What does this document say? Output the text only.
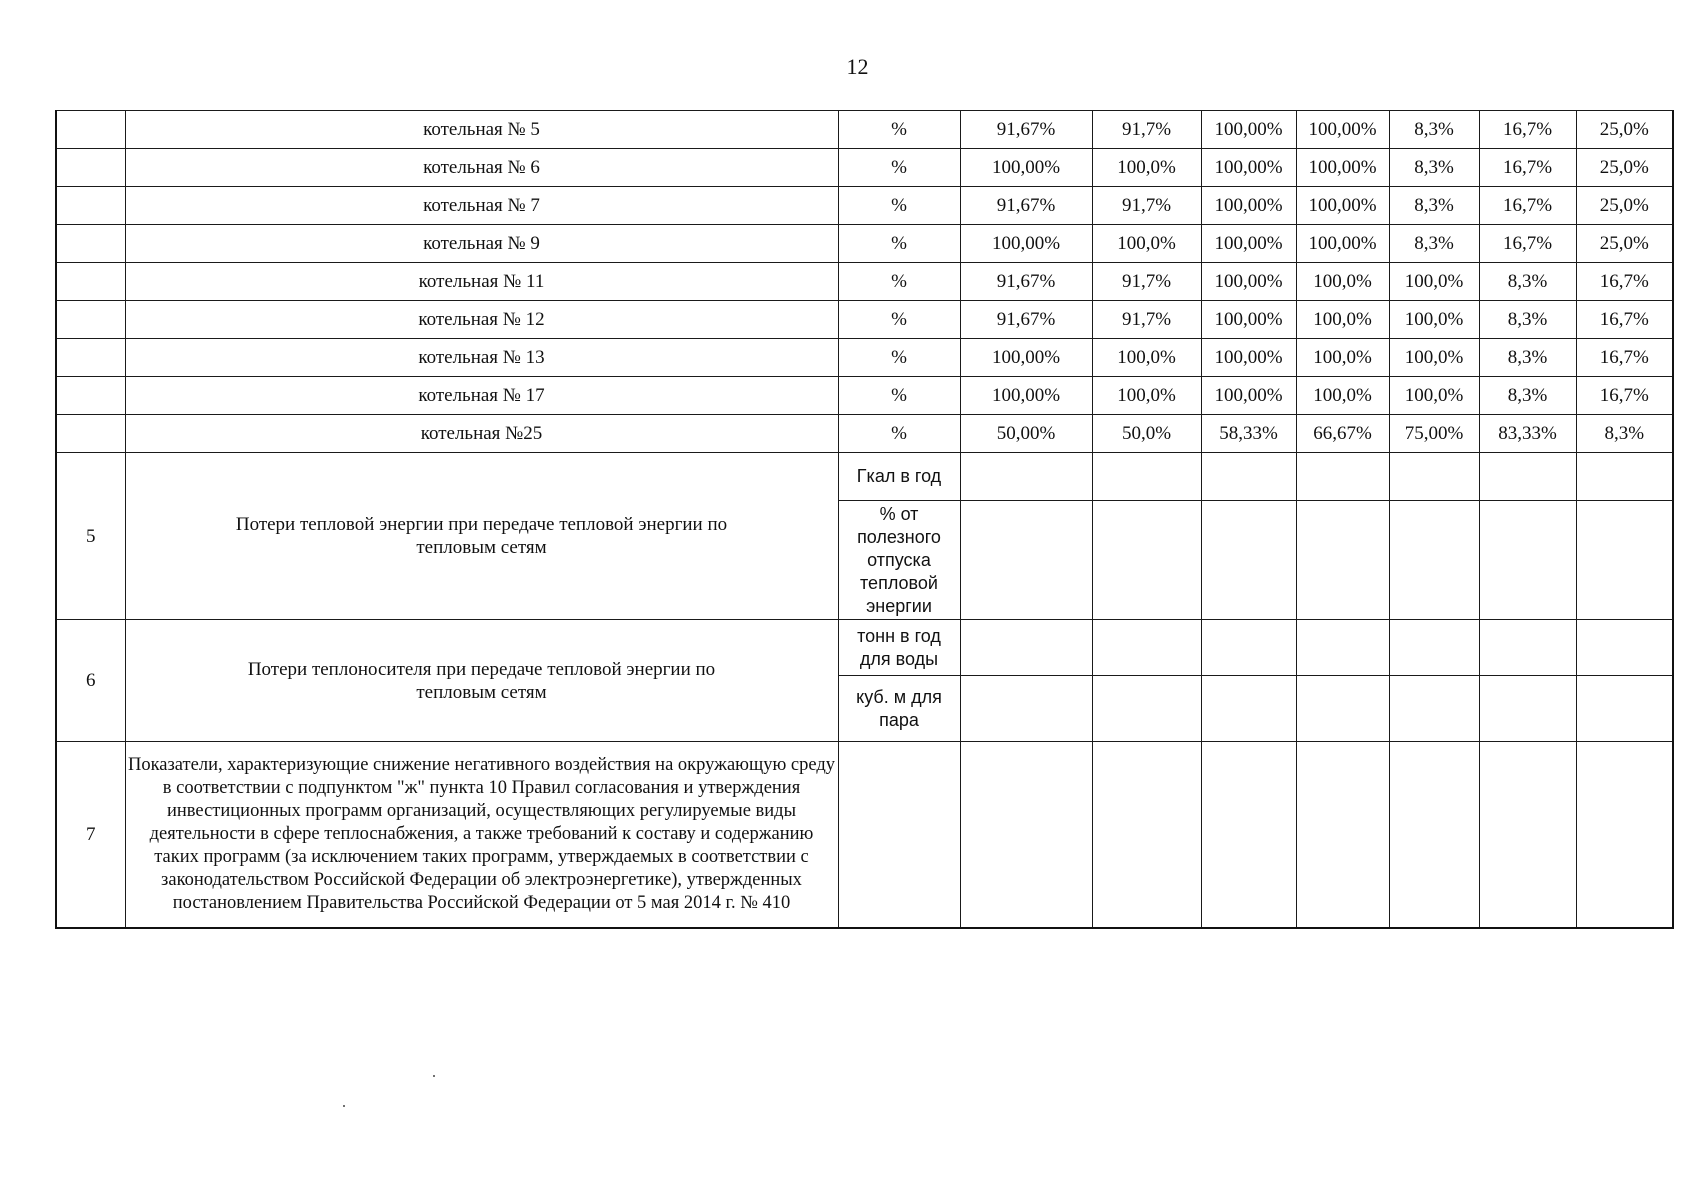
12
	котельная № 5	%	91,67%	91,7%	100,00%	100,00%	8,3%	16,7%	25,0%
	котельная № 6	%	100,00%	100,0%	100,00%	100,00%	8,3%	16,7%	25,0%
	котельная № 7	%	91,67%	91,7%	100,00%	100,00%	8,3%	16,7%	25,0%
	котельная № 9	%	100,00%	100,0%	100,00%	100,00%	8,3%	16,7%	25,0%
	котельная № 11	%	91,67%	91,7%	100,00%	100,0%	100,0%	8,3%	16,7%
	котельная № 12	%	91,67%	91,7%	100,00%	100,0%	100,0%	8,3%	16,7%
	котельная № 13	%	100,00%	100,0%	100,00%	100,0%	100,0%	8,3%	16,7%
	котельная № 17	%	100,00%	100,0%	100,00%	100,0%	100,0%	8,3%	16,7%
	котельная №25	%	50,00%	50,0%	58,33%	66,67%	75,00%	83,33%	8,3%
5	Потери тепловой энергии при передаче тепловой энергии по тепловым сетям	Гкал в год							
		% от полезного отпуска тепловой энергии							
6	Потери теплоносителя при передаче тепловой энергии по тепловым сетям	тонн в год для воды							
		куб. м для пара							
7	Показатели, характеризующие снижение негативного воздействия на окружающую среду в соответствии с подпунктом "ж" пункта 10 Правил согласования и утверждения инвестиционных программ организаций, осуществляющих регулируемые виды деятельности в сфере теплоснабжения, а также требований к составу и содержанию таких программ (за исключением таких программ, утверждаемых в соответствии с законодательством Российской Федерации об электроэнергетике), утвержденных постановлением Правительства Российской Федерации от 5 мая 2014 г. № 410								
